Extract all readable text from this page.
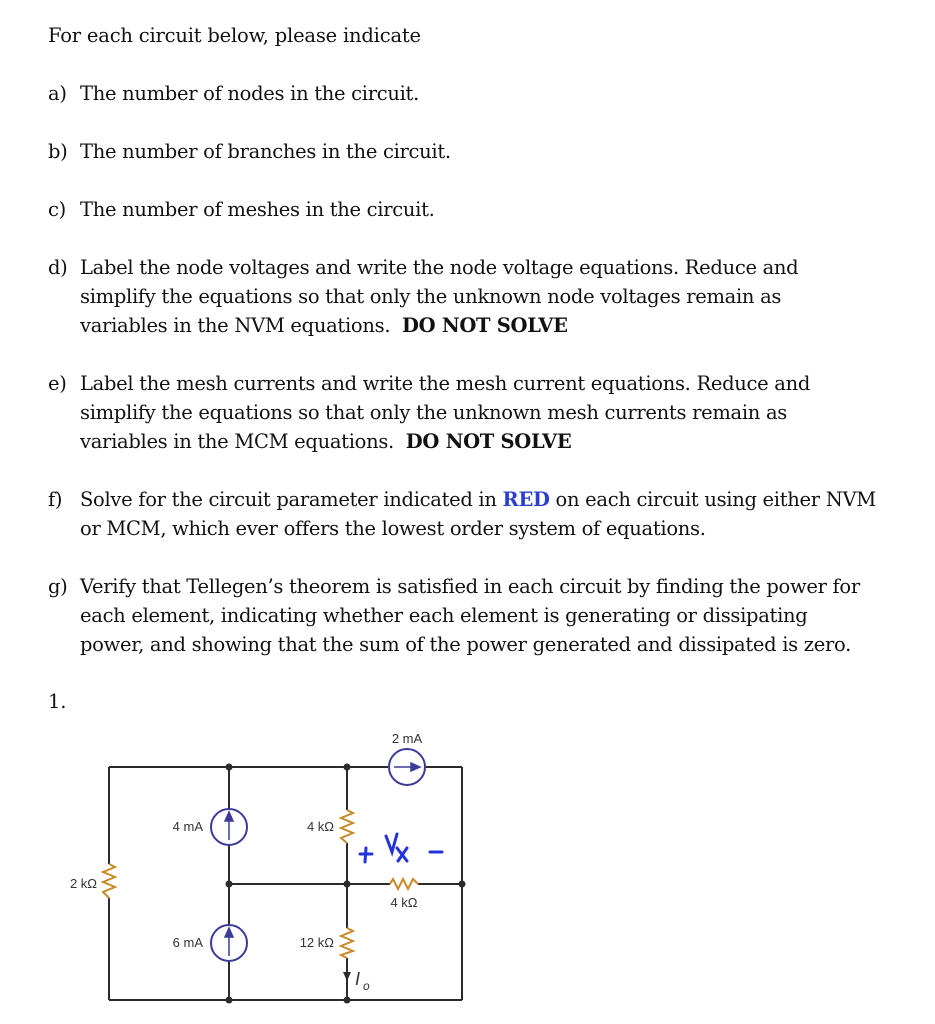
For each circuit below, please indicate
a) The number of nodes in the circuit.
b) The number of branches in the circuit.
c) The number of meshes in the circuit.
d) Label the node voltages and write the node voltage equations. Reduce and
simplify the equations so that only the unknown node voltages remain as
variables in the NVM equations. DO NOT SOLVE
e) Label the mesh currents and write the mesh current equations. Reduce and
simplify the equations so that only the unknown mesh currents remain as
variables in the MCM equations. DO NOT SOLVE
f) Solve for the circuit parameter indicated in RED on each circuit using either NVM
or MCM, which ever offers the lowest order system of equations.
g) Verify that Tellegen’s theorem is satisfied in each circuit by finding the power for
each element, indicating whether each element is generating or dissipating
power, and showing that the sum of the power generated and dissipated is zero.
1.
2 mA
4 mA	4 kΩ
2 kΩ
4 kΩ
6 mA	12 kΩ
I o
